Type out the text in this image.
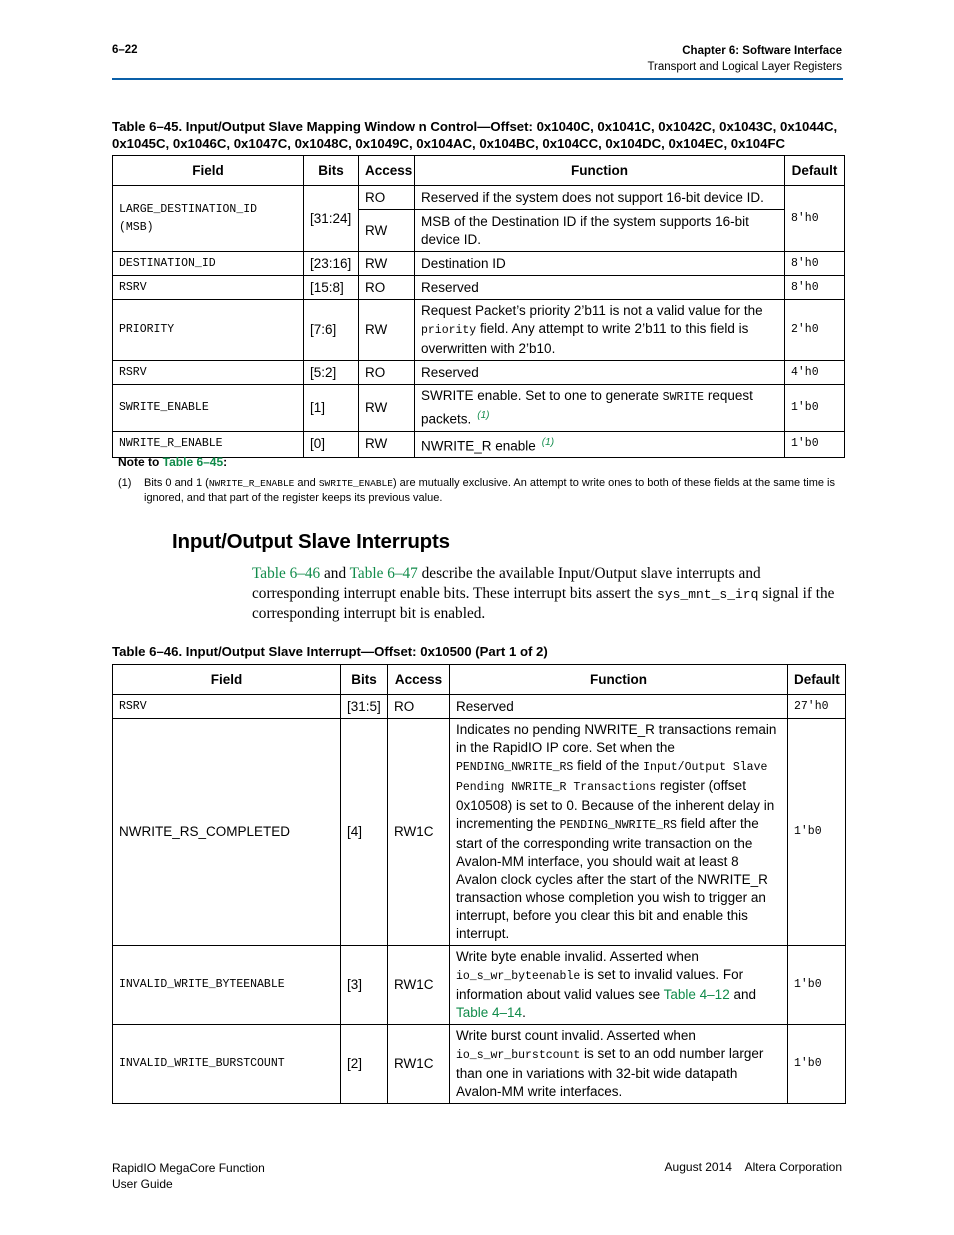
6–22	Chapter 6: Software Interface
Transport and Logical Layer Registers
Table 6–45. Input/Output Slave Mapping Window n Control—Offset: 0x1040C, 0x1041C, 0x1042C, 0x1043C, 0x1044C, 0x1045C, 0x1046C, 0x1047C, 0x1048C, 0x1049C, 0x104AC, 0x104BC, 0x104CC, 0x104DC, 0x104EC, 0x104FC
Field	Bits	Access	Function	Default
LARGE_DESTINATION_ID (MSB)	[31:24]	RO	Reserved if the system does not support 16-bit device ID.	8'h0
		RW	MSB of the Destination ID if the system supports 16-bit device ID.	
DESTINATION_ID	[23:16]	RW	Destination ID	8'h0
RSRV	[15:8]	RO	Reserved	8'h0
PRIORITY	[7:6]	RW	Request Packet’s priority 2’b11 is not a valid value for the priority field. Any attempt to write 2’b11 to this field is overwritten with 2’b10.	2'h0
RSRV	[5:2]	RO	Reserved	4'h0
SWRITE_ENABLE	[1]	RW	SWRITE enable. Set to one to generate SWRITE request packets. $^{(1)}$	1'b0
NWRITE_R_ENABLE	[0]	RW	NWRITE_R enable $^{(1)}$	1'b0
Note to Table 6–45:
(1) Bits 0 and 1 (NWRITE_R_ENABLE and SWRITE_ENABLE) are mutually exclusive. An attempt to write ones to both of these fields at the same time is ignored, and that part of the register keeps its previous value.
Input/Output Slave Interrupts
Table 6–46 and Table 6–47 describe the available Input/Output slave interrupts and corresponding interrupt enable bits. These interrupt bits assert the sys_mnt_s_irq signal if the corresponding interrupt bit is enabled.
Table 6–46. Input/Output Slave Interrupt—Offset: 0x10500 (Part 1 of 2)
Field	Bits	Access	Function	Default
RSRV	[31:5]	RO	Reserved	27'h0
NWRITE_RS_COMPLETED	[4]	RW1C	Indicates no pending NWRITE_R transactions remain in the RapidIO IP core. Set when the PENDING_NWRITE_RS field of the Input/Output Slave Pending NWRITE_R Transactions register (offset 0x10508) is set to 0. Because of the inherent delay in incrementing the PENDING_NWRITE_RS field after the start of the corresponding write transaction on the Avalon-MM interface, you should wait at least 8 Avalon clock cycles after the start of the NWRITE_R transaction whose completion you wish to trigger an interrupt, before you clear this bit and enable this interrupt.	1'b0
INVALID_WRITE_BYTEENABLE	[3]	RW1C	Write byte enable invalid. Asserted when io_s_wr_byteenable is set to invalid values. For information about valid values see Table 4–12 and Table 4–14.	1'b0
INVALID_WRITE_BURSTCOUNT	[2]	RW1C	Write burst count invalid. Asserted when io_s_wr_burstcount is set to an odd number larger than one in variations with 32-bit wide datapath Avalon-MM write interfaces.	1'b0
RapidIO MegaCore Function
User Guide
August 2014    Altera Corporation
